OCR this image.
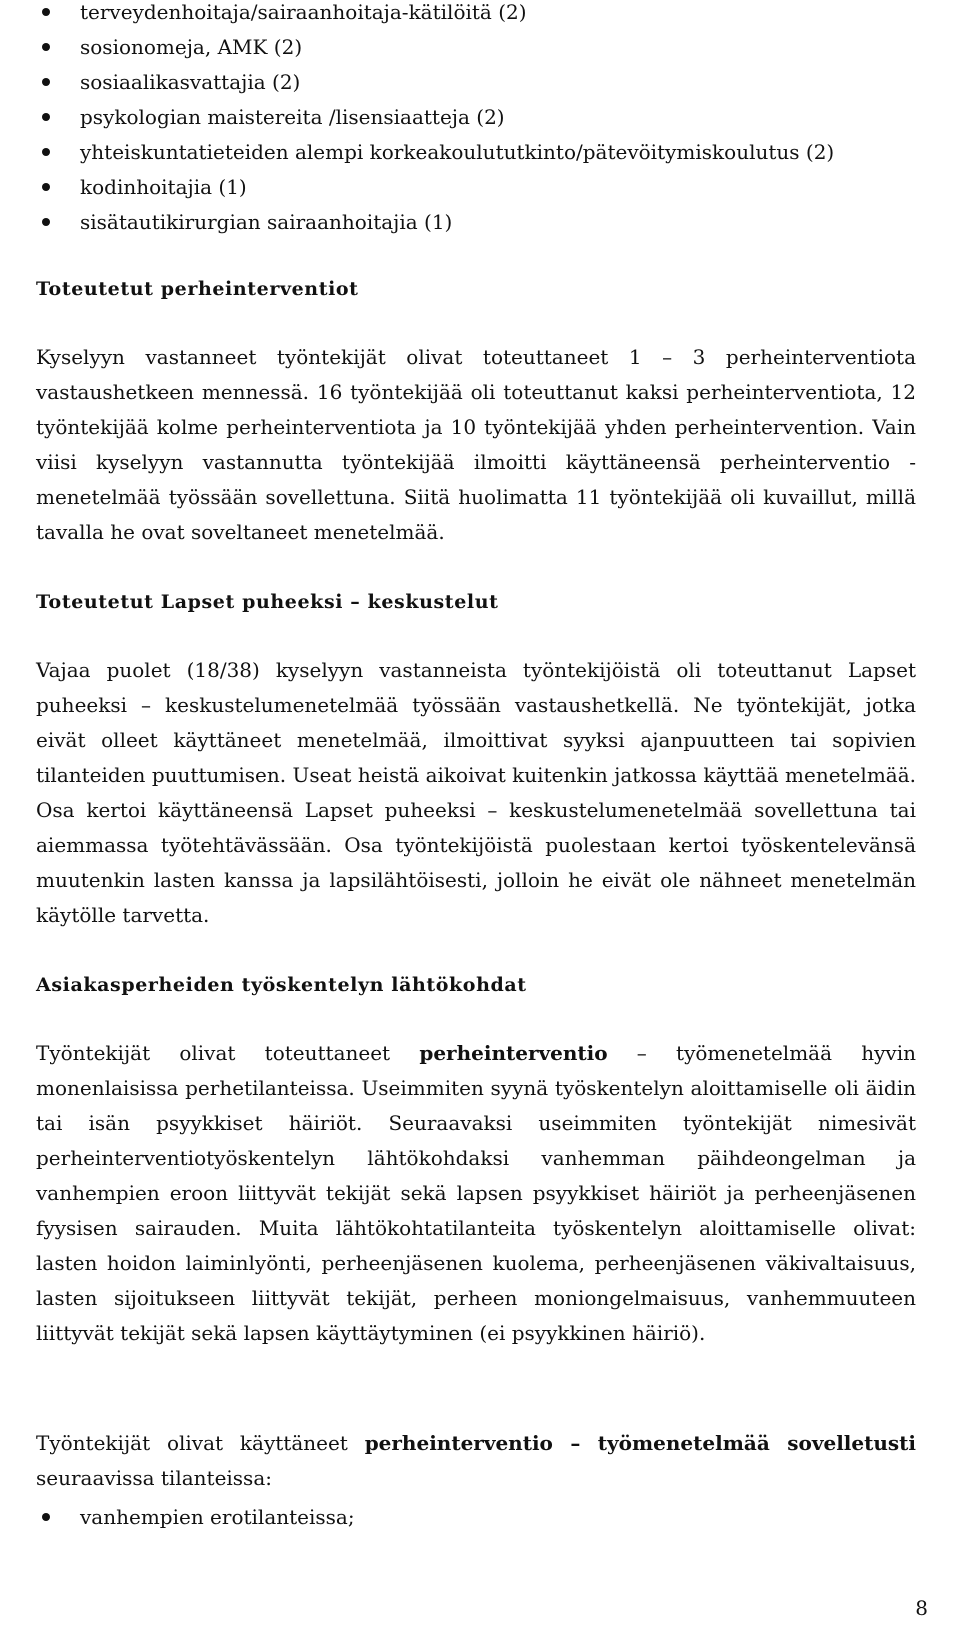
terveydenhoitaja/sairaanhoitaja-kätilöitä (2)
sosionomeja, AMK (2)
sosiaalikasvattajia (2)
psykologian maistereita /lisensiaatteja (2)
yhteiskuntatieteiden alempi korkeakoulututkinto/pätevöitymiskoulutus (2)
kodinhoitajia (1)
sisätautikirurgian sairaanhoitajia (1)
Toteutetut perheinterventiot

Kyselyyn vastanneet työntekijät olivat toteuttaneet 1 – 3 perheinterventiota vastaushetkeen mennessä. 16 työntekijää oli toteuttanut kaksi perheinterventiota, 12 työntekijää kolme perheinterventiota ja 10 työntekijää yhden perheintervention. Vain viisi kyselyyn vastannutta työntekijää ilmoitti käyttäneensä perheinterventio - menetelmää työssään sovellettuna. Siitä huolimatta 11 työntekijää oli kuvaillut, millä tavalla he ovat soveltaneet menetelmää.

Toteutetut Lapset puheeksi – keskustelut

Vajaa puolet (18/38) kyselyyn vastanneista työntekijöistä oli toteuttanut Lapset puheeksi – keskustelumenetelmää työssään vastaushetkellä. Ne työntekijät, jotka eivät olleet käyttäneet menetelmää, ilmoittivat syyksi ajanpuutteen tai sopivien tilanteiden puuttumisen. Useat heistä aikoivat kuitenkin jatkossa käyttää menetelmää. Osa kertoi käyttäneensä Lapset puheeksi – keskustelumenetelmää sovellettuna tai aiemmassa työtehtävässään. Osa työntekijöistä puolestaan kertoi työskentelevänsä muutenkin lasten kanssa ja lapsilähtöisesti, jolloin he eivät ole nähneet menetelmän käytölle tarvetta.

Asiakasperheiden työskentelyn lähtökohdat

Työntekijät olivat toteuttaneet perheinterventio – työmenetelmää hyvin monenlaisissa perhetilanteissa. Useimmiten syynä työskentelyn aloittamiselle oli äidin tai isän psyykkiset häiriöt. Seuraavaksi useimmiten työntekijät nimesivät perheinterventiotyöskentelyn lähtökohdaksi vanhemman päihdeongelman ja vanhempien eroon liittyvät tekijät sekä lapsen psyykkiset häiriöt ja perheenjäsenen fyysisen sairauden. Muita lähtökohtatilanteita työskentelyn aloittamiselle olivat: lasten hoidon laiminlyönti, perheenjäsenen kuolema, perheenjäsenen väkivaltaisuus, lasten sijoitukseen liittyvät tekijät, perheen moniongelmaisuus, vanhemmuuteen liittyvät tekijät sekä lapsen käyttäytyminen (ei psyykkinen häiriö).

Työntekijät olivat käyttäneet perheinterventio – työmenetelmää sovelletusti seuraavissa tilanteissa:

vanhempien erotilanteissa;
8
